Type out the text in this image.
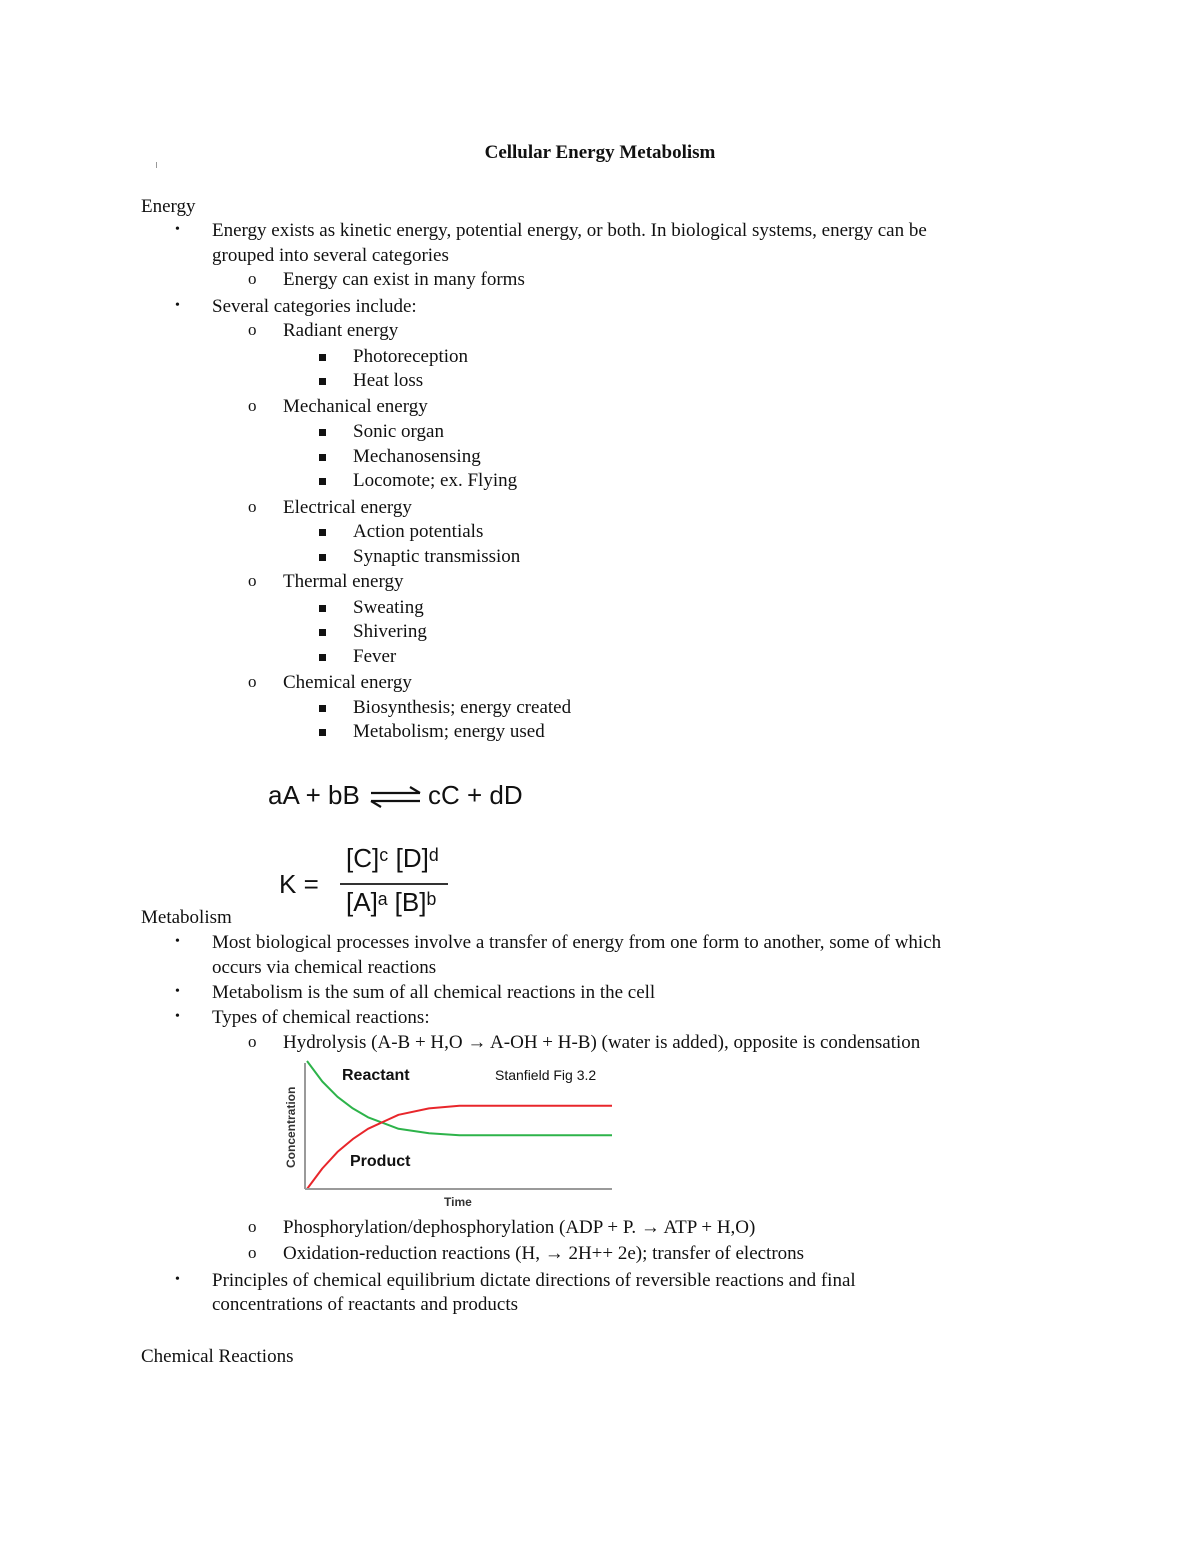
Cellular Energy Metabolism
Energy
• Energy exists as kinetic energy, potential energy, or both. In biological systems, energy can be
grouped into several categories
o Energy can exist in many forms
• Several categories include:
o Radiant energy
Photoreception
Heat loss
o Mechanical energy
Sonic organ
Mechanosensing
Locomote; ex. Flying
o Electrical energy
Action potentials
Synaptic transmission
o Thermal energy
Sweating
Shivering
Fever
o Chemical energy
Biosynthesis; energy created
Metabolism; energy used
aA + bB ⇌ cC + dD
K =
[C]ᶜ [D]ᵈ
[A]ᵃ [B]ᵇ
Metabolism
• Most biological processes involve a transfer of energy from one form to another, some of which
occurs via chemical reactions
• Metabolism is the sum of all chemical reactions in the cell
• Types of chemical reactions:
o Hydrolysis (A-B + H,O → A-OH + H-B) (water is added), opposite is condensation
Reactant	Stanfield Fig 3.2
Product
Time
Concentration
o Phosphorylation/dephosphorylation (ADP + P. → ATP + H,O)
o Oxidation-reduction reactions (H, → 2H++ 2e); transfer of electrons
• Principles of chemical equilibrium dictate directions of reversible reactions and final
concentrations of reactants and products
Chemical Reactions
